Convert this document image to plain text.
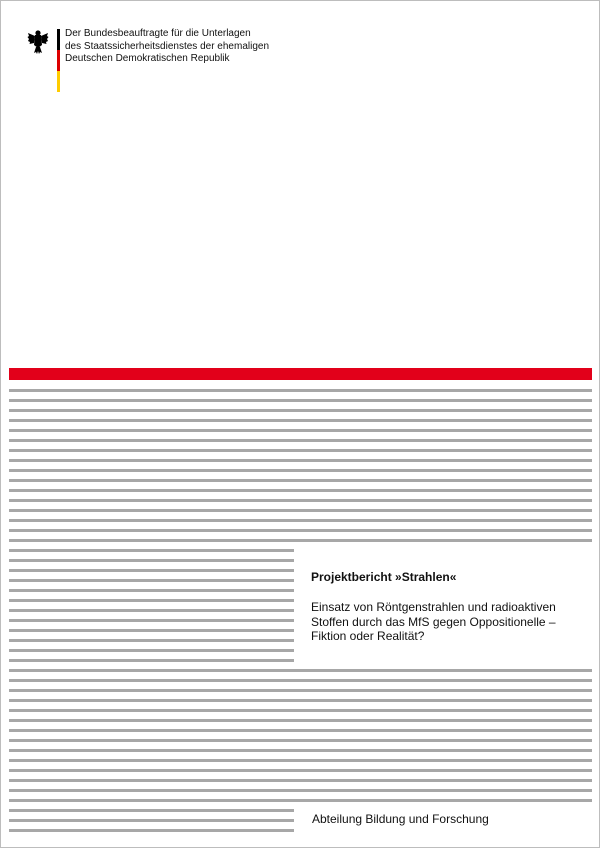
Der Bundesbeauftragte für die Unterlagen
des Staatssicherheitsdienstes der ehemaligen
Deutschen Demokratischen Republik

Projektbericht »Strahlen«

Einsatz von Röntgenstrahlen und radioaktiven Stoffen durch das MfS gegen Oppositionelle – Fiktion oder Realität?

Abteilung Bildung und Forschung
